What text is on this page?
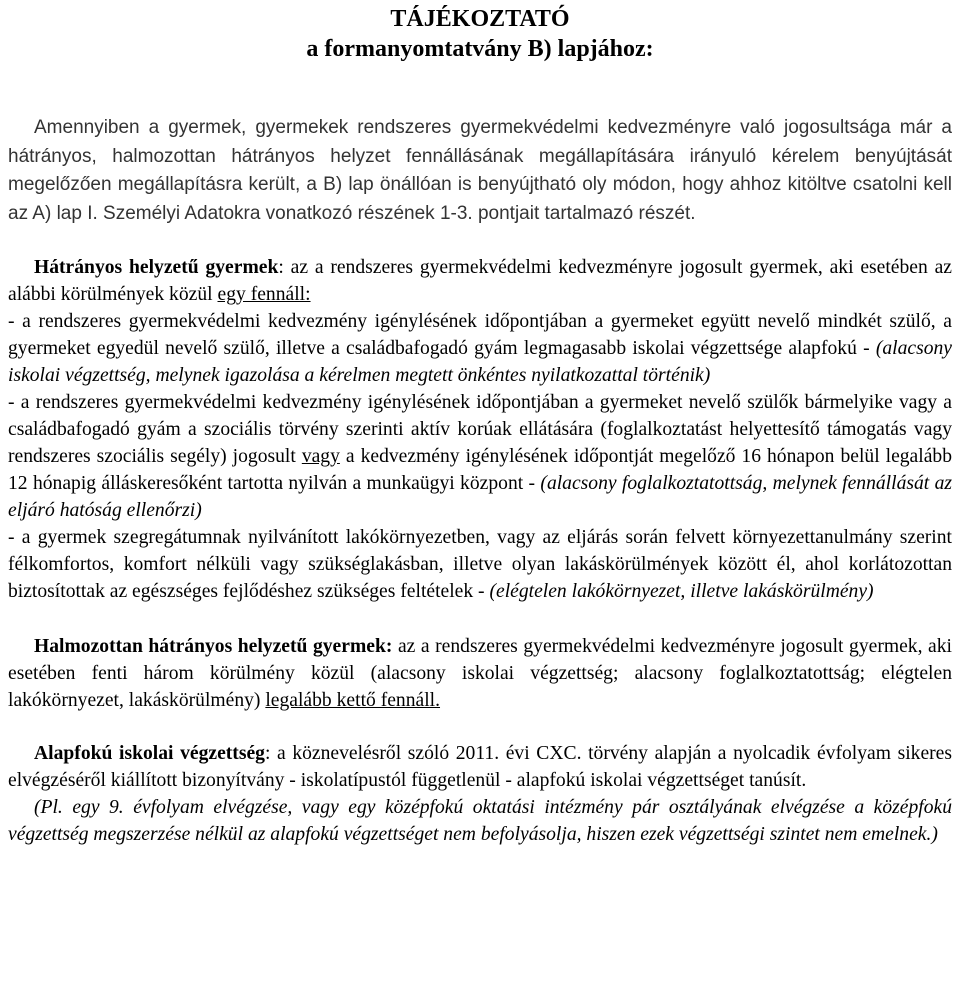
TÁJÉKOZTATÓ
a formanyomtatvány B) lapjához:

Amennyiben a gyermek, gyermekek rendszeres gyermekvédelmi kedvezményre való jogosultsága már a hátrányos, halmozottan hátrányos helyzet fennállásának megállapítására irányuló kérelem benyújtását megelőzően megállapításra került, a B) lap önállóan is benyújtható oly módon, hogy ahhoz kitöltve csatolni kell az A) lap I. Személyi Adatokra vonatkozó részének 1-3. pontjait tartalmazó részét.

Hátrányos helyzetű gyermek: az a rendszeres gyermekvédelmi kedvezményre jogosult gyermek, aki esetében az alábbi körülmények közül egy fennáll:

- a rendszeres gyermekvédelmi kedvezmény igénylésének időpontjában a gyermeket együtt nevelő mindkét szülő, a gyermeket egyedül nevelő szülő, illetve a családbafogadó gyám legmagasabb iskolai végzettsége alapfokú - (alacsony iskolai végzettség, melynek igazolása a kérelmen megtett önkéntes nyilatkozattal történik)

- a rendszeres gyermekvédelmi kedvezmény igénylésének időpontjában a gyermeket nevelő szülők bármelyike vagy a családbafogadó gyám a szociális törvény szerinti aktív korúak ellátására (foglalkoztatást helyettesítő támogatás vagy rendszeres szociális segély) jogosult vagy a kedvezmény igénylésének időpontját megelőző 16 hónapon belül legalább 12 hónapig álláskeresőként tartotta nyilván a munkaügyi központ - (alacsony foglalkoztatottság, melynek fennállását az eljáró hatóság ellenőrzi)

- a gyermek szegregátumnak nyilvánított lakókörnyezetben, vagy az eljárás során felvett környezettanulmány szerint félkomfortos, komfort nélküli vagy szükséglakásban, illetve olyan lakáskörülmények között él, ahol korlátozottan biztosítottak az egészséges fejlődéshez szükséges feltételek - (elégtelen lakókörnyezet, illetve lakáskörülmény)

Halmozottan hátrányos helyzetű gyermek: az a rendszeres gyermekvédelmi kedvezményre jogosult gyermek, aki esetében fenti három körülmény közül (alacsony iskolai végzettség; alacsony foglalkoztatottság; elégtelen lakókörnyezet, lakáskörülmény) legalább kettő fennáll.

Alapfokú iskolai végzettség: a köznevelésről szóló 2011. évi CXC. törvény alapján a nyolcadik évfolyam sikeres elvégzéséről kiállított bizonyítvány - iskolatípustól függetlenül - alapfokú iskolai végzettséget tanúsít.

(Pl. egy 9. évfolyam elvégzése, vagy egy középfokú oktatási intézmény pár osztályának elvégzése a középfokú végzettség megszerzése nélkül az alapfokú végzettséget nem befolyásolja, hiszen ezek végzettségi szintet nem emelnek.)
